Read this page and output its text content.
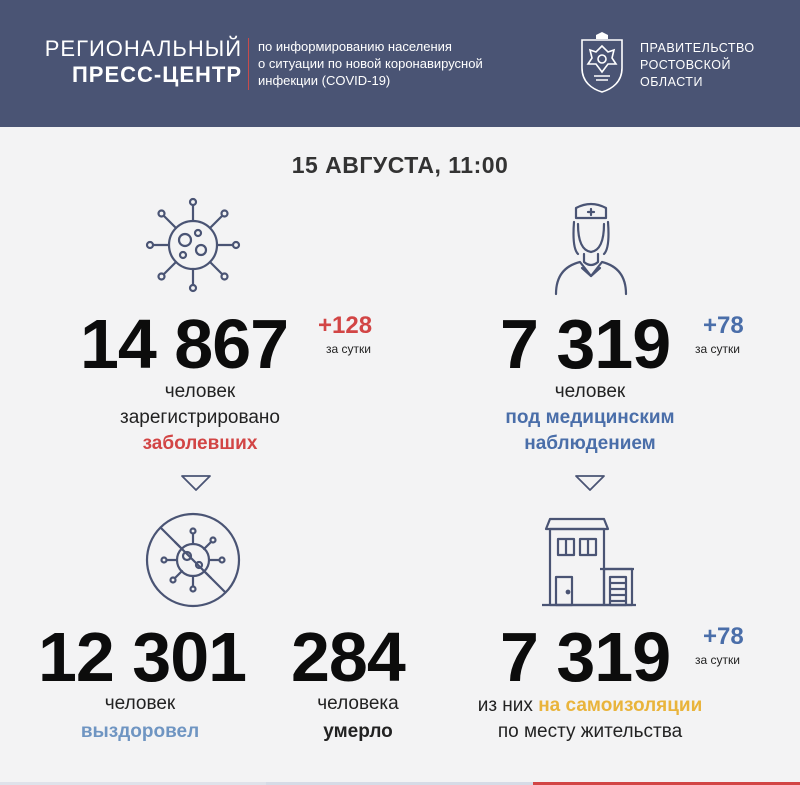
РЕГИОНАЛЬНЫЙ
ПРЕСС-ЦЕНТР
по информированию населения
о ситуации по новой коронавирусной
инфекции (COVID-19)
ПРАВИТЕЛЬСТВО
РОСТОВСКОЙ
ОБЛАСТИ
15 АВГУСТА, 11:00
14 867 +128
за сутки
человек
зарегистрировано
заболевших
7 319 +78
за сутки
человек
под медицинским
наблюдением
12 301
человек
выздоровел
284
человека
умерло
7 319 +78
за сутки
из них на самоизоляции
по месту жительства
